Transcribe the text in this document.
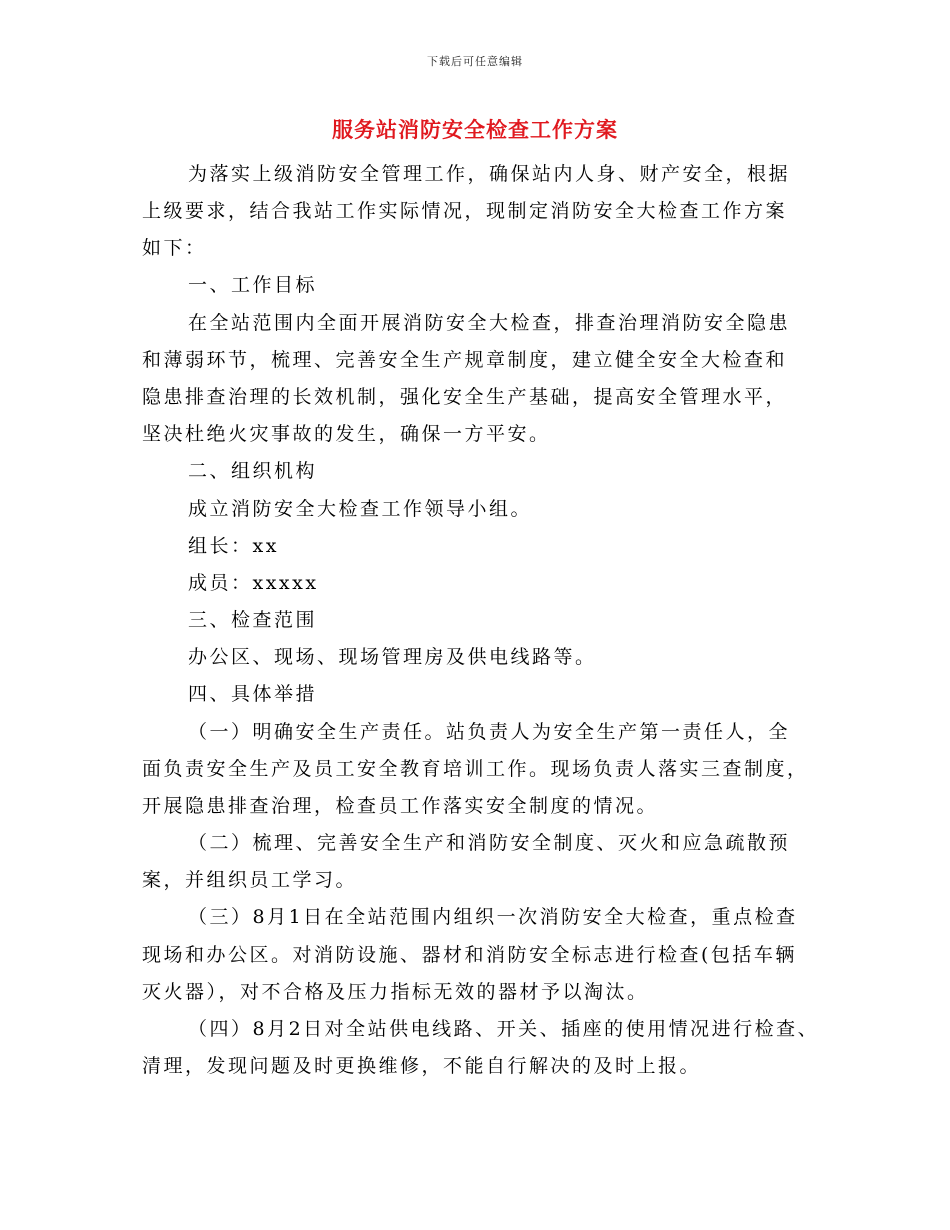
下载后可任意编辑
服务站消防安全检查工作方案
为落实上级消防安全管理工作，确保站内人身、财产安全，根据
上级要求，结合我站工作实际情况，现制定消防安全大检查工作方案
如下：
一、工作目标
在全站范围内全面开展消防安全大检查，排查治理消防安全隐患
和薄弱环节，梳理、完善安全生产规章制度，建立健全安全大检查和
隐患排查治理的长效机制，强化安全生产基础，提高安全管理水平，
坚决杜绝火灾事故的发生，确保一方平安。
二、组织机构
成立消防安全大检查工作领导小组。
组长：xx
成员：xxxxx
三、检查范围
办公区、现场、现场管理房及供电线路等。
四、具体举措
（一）明确安全生产责任。站负责人为安全生产第一责任人，全
面负责安全生产及员工安全教育培训工作。现场负责人落实三查制度，
开展隐患排查治理，检查员工作落实安全制度的情况。
（二）梳理、完善安全生产和消防安全制度、灭火和应急疏散预
案，并组织员工学习。
（三）8月1日在全站范围内组织一次消防安全大检查，重点检查
现场和办公区。对消防设施、器材和消防安全标志进行检查(包括车辆
灭火器），对不合格及压力指标无效的器材予以淘汰。
（四）8月2日对全站供电线路、开关、插座的使用情况进行检查、
清理，发现问题及时更换维修，不能自行解决的及时上报。
